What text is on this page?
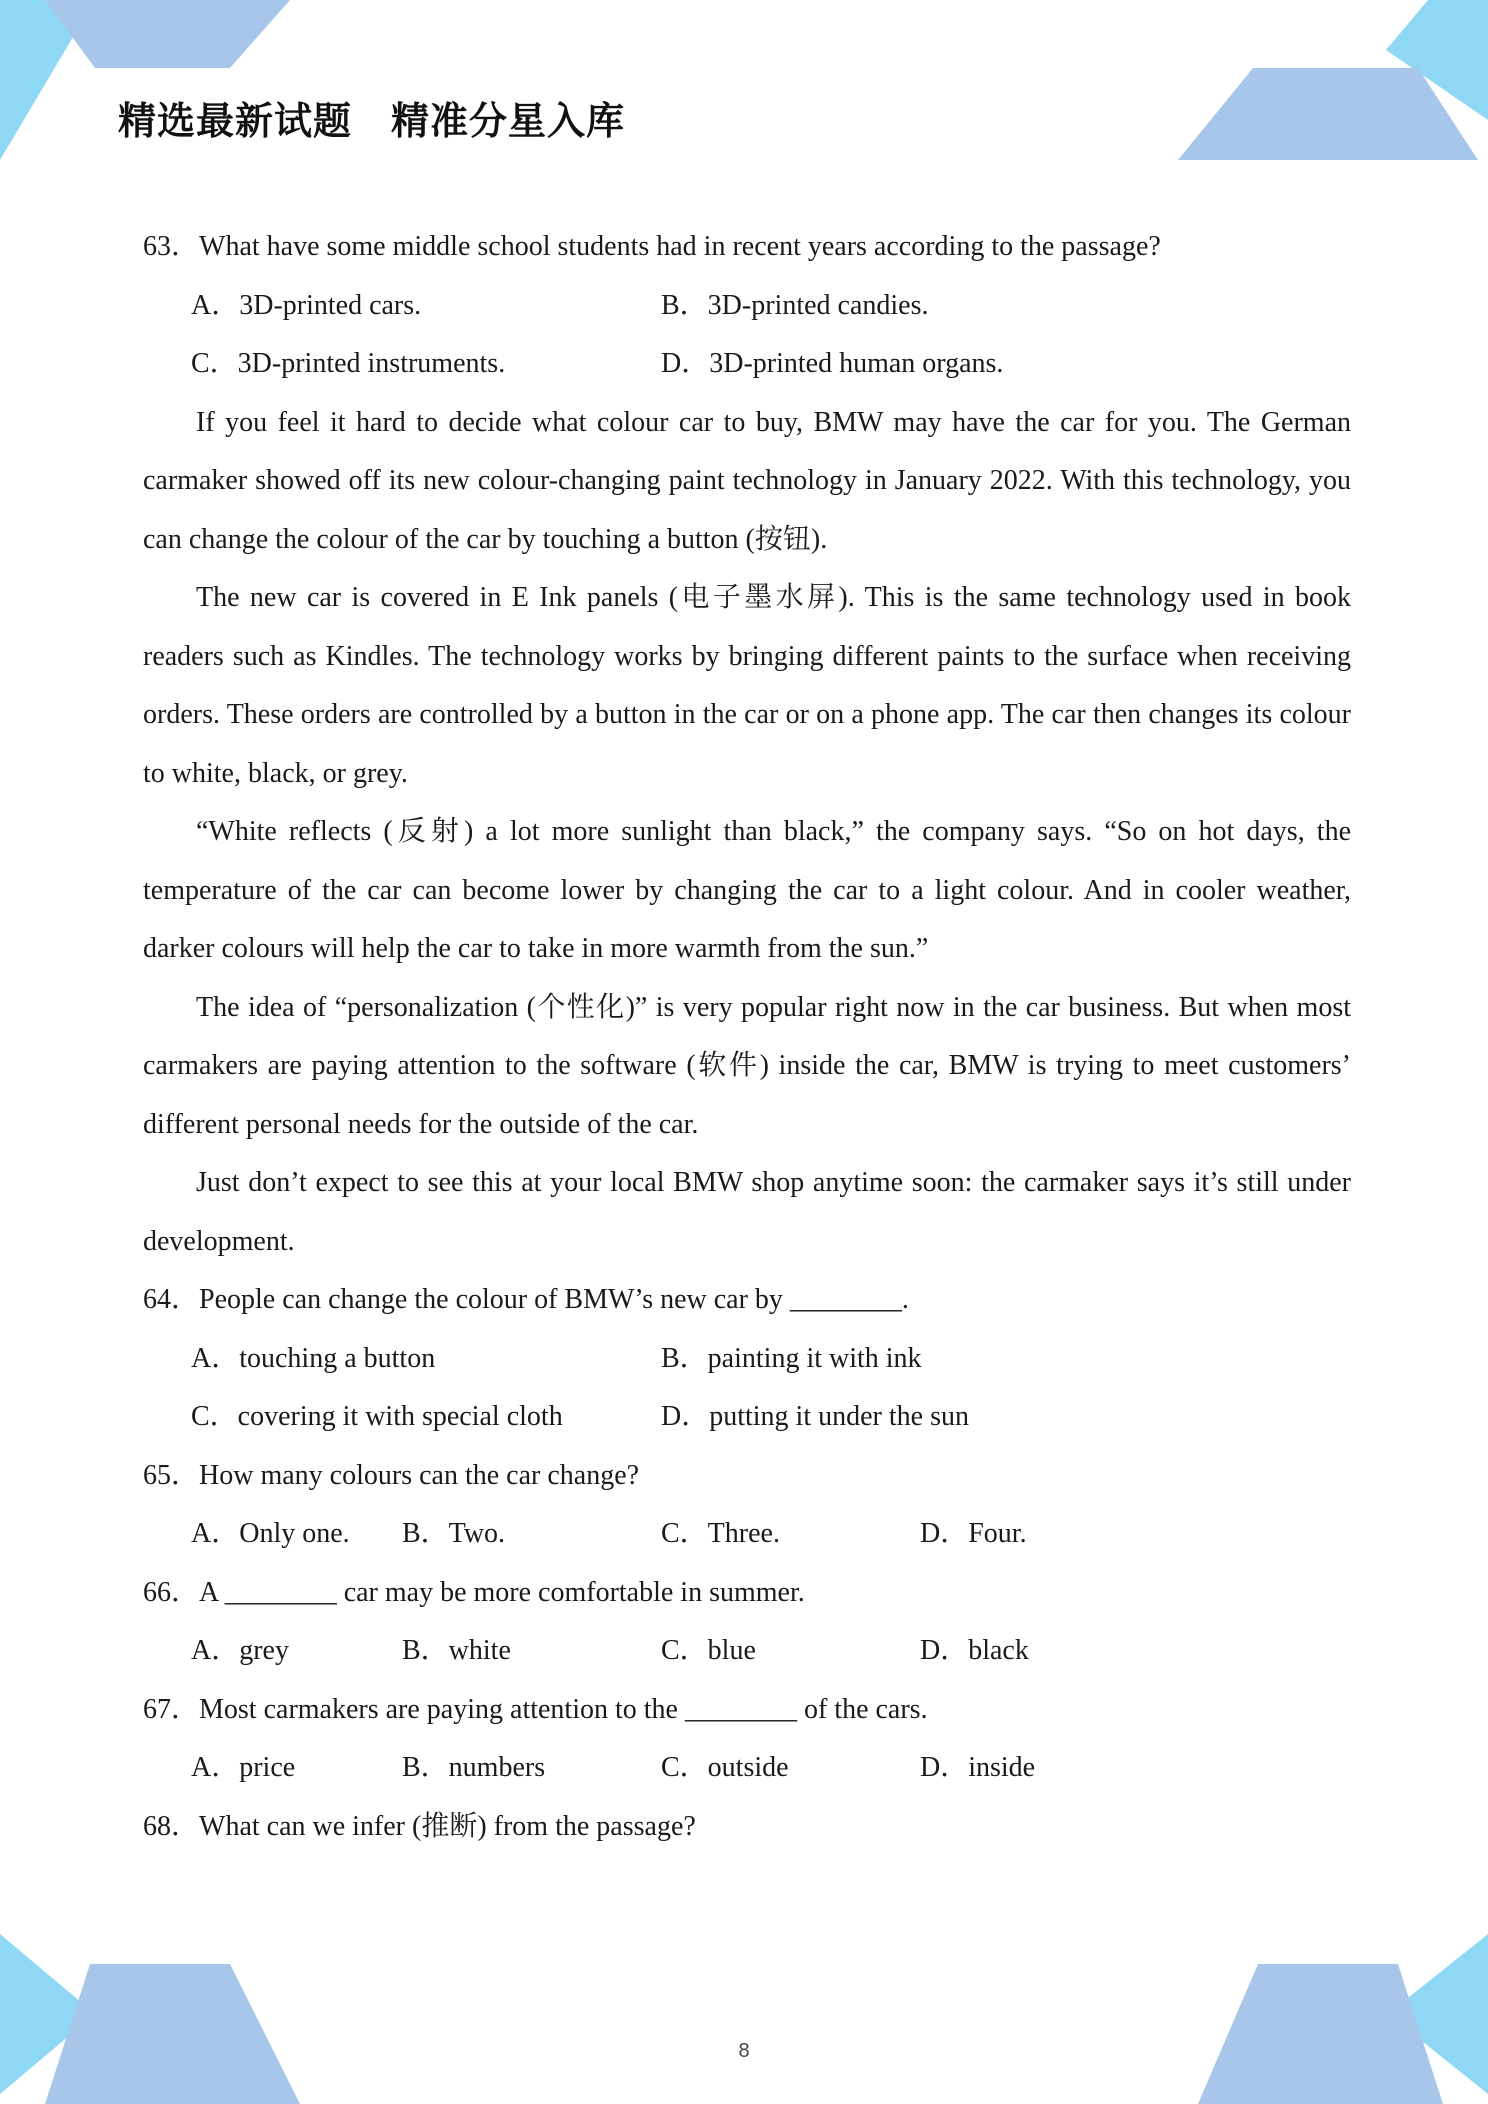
精选最新试题　精准分星入库

63．What have some middle school students had in recent years according to the passage?

A．3D-printed cars.	B．3D-printed candies.
C．3D-printed instruments.	D．3D-printed human organs.

If you feel it hard to decide what colour car to buy, BMW may have the car for you. The German carmaker showed off its new colour-changing paint technology in January 2022. With this technology, you can change the colour of the car by touching a button (按钮).

The new car is covered in E Ink panels (电子墨水屏). This is the same technology used in book readers such as Kindles. The technology works by bringing different paints to the surface when receiving orders. These orders are controlled by a button in the car or on a phone app. The car then changes its colour to white, black, or grey.

“White reflects (反射) a lot more sunlight than black,” the company says. “So on hot days, the temperature of the car can become lower by changing the car to a light colour. And in cooler weather, darker colours will help the car to take in more warmth from the sun.”

The idea of “personalization (个性化)” is very popular right now in the car business. But when most carmakers are paying attention to the software (软件) inside the car, BMW is trying to meet customers’ different personal needs for the outside of the car.

Just don’t expect to see this at your local BMW shop anytime soon: the carmaker says it’s still under development.

64．People can change the colour of BMW’s new car by ________.

A．touching a button	B．painting it with ink
C．covering it with special cloth	D．putting it under the sun

65．How many colours can the car change?

A．Only one.	B．Two.	C．Three.	D．Four.

66．A ________ car may be more comfortable in summer.

A．grey	B．white	C．blue	D．black

67．Most carmakers are paying attention to the ________ of the cars.

A．price	B．numbers	C．outside	D．inside

68．What can we infer (推断) from the passage?

8
